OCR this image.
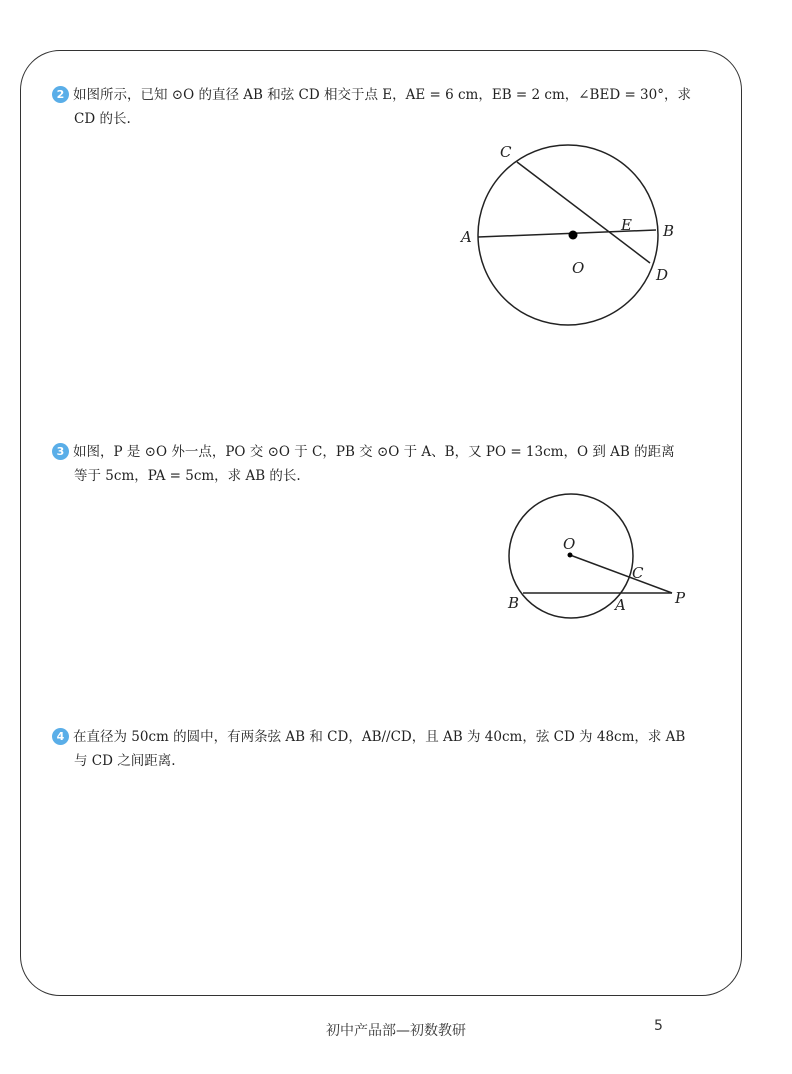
2 如图所示，已知 ⊙O 的直径 AB 和弦 CD 相交于点 E，AE = 6 cm，EB = 2 cm，∠BED = 30°，求
CD 的长.
C
A
E B
O	D
3 如图，P 是 ⊙O 外一点，PO 交 ⊙O 于 C，PB 交 ⊙O 于 A、B，又 PO = 13cm，O 到 AB 的距离
等于 5cm，PA = 5cm，求 AB 的长.
O
C
B	A	P
4 在直径为 50cm 的圆中，有两条弦 AB 和 CD，AB//CD，且 AB 为 40cm，弦 CD 为 48cm，求 AB
与 CD 之间距离.
初中产品部—初数教研	5
